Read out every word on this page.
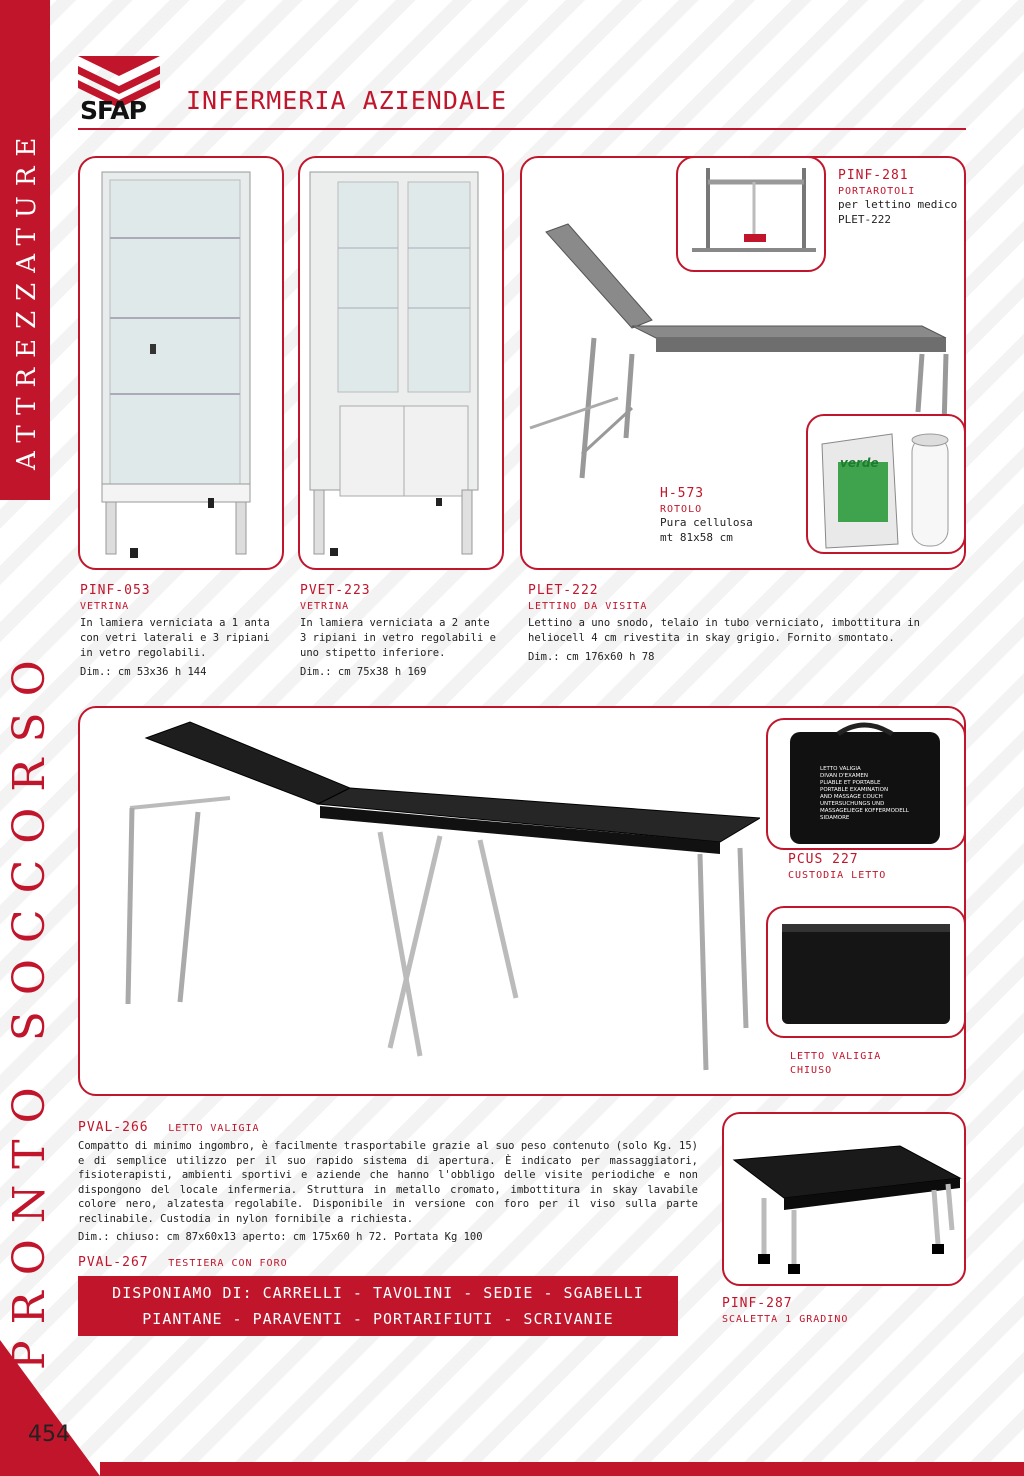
ATTREZZATURE
PRONTO SOCCORSO
454
SFAP INFERMERIA AZIENDALE
verde
PINF-281
PORTAROTOLI
per lettino medico
PLET-222
H-573
ROTOLO
Pura cellulosa
mt 81x58 cm
PINF-053
VETRINA
In lamiera verniciata a 1 anta con vetri laterali e 3 ripiani in vetro regolabili.
Dim.: cm 53x36 h 144
PVET-223
VETRINA
In lamiera verniciata a 2 ante 3 ripiani in vetro regolabili e uno stipetto inferiore.
Dim.: cm 75x38 h 169
PLET-222
LETTINO DA VISITA
Lettino a uno snodo, telaio in tubo verniciato, imbottitura in heliocell 4 cm rivestita in skay grigio. Fornito smontato.
Dim.: cm 176x60 h 78
LETTO VALIGIA
DIVAN D'EXAMEN
PLIABLE ET PORTABLE
PORTABLE EXAMINATION
AND MASSAGE COUCH
UNTERSUCHUNGS UND
MASSAGELIEGE KOFFERMODELL
SIDAMORE
PCUS 227
CUSTODIA LETTO
LETTO VALIGIA
CHIUSO
PVAL-266 LETTO VALIGIA
Compatto di minimo ingombro, è facilmente trasportabile grazie al suo peso contenuto (solo Kg. 15) e di semplice utilizzo per il suo rapido sistema di apertura. È indicato per massaggiatori, fisioterapisti, ambienti sportivi e aziende che hanno l'obbligo delle visite periodiche e non dispongono del locale infermeria. Struttura in metallo cromato, imbottitura in skay lavabile colore nero, alzatesta regolabile. Disponibile in versione con foro per il viso sulla parte reclinabile. Custodia in nylon fornibile a richiesta.
Dim.: chiuso: cm 87x60x13 aperto: cm 175x60 h 72. Portata Kg 100
PVAL-267 TESTIERA CON FORO
PINF-287
SCALETTA 1 GRADINO
DISPONIAMO DI: CARRELLI - TAVOLINI - SEDIE - SGABELLI
PIANTANE - PARAVENTI - PORTARIFIUTI - SCRIVANIE
